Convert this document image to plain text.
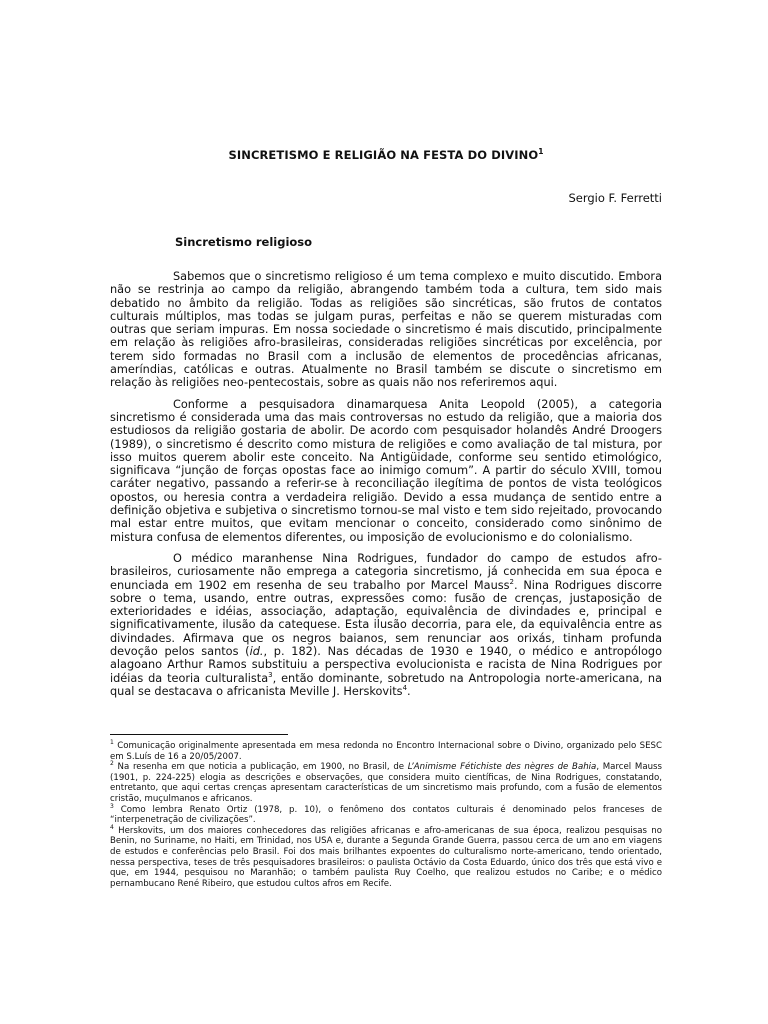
SINCRETISMO E RELIGIÃO NA FESTA DO DIVINO$^1$
Sergio F. Ferretti
Sincretismo religioso

Sabemos que o sincretismo religioso é um tema complexo e muito discutido. Embora não se restrinja ao campo da religião, abrangendo também toda a cultura, tem sido mais debatido no âmbito da religião. Todas as religiões são sincréticas, são frutos de contatos culturais múltiplos, mas todas se julgam puras, perfeitas e não se querem misturadas com outras que seriam impuras. Em nossa sociedade o sincretismo é mais discutido, principalmente em relação às religiões afro-brasileiras, consideradas religiões sincréticas por excelência, por terem sido formadas no Brasil com a inclusão de elementos de procedências africanas, ameríndias, católicas e outras. Atualmente no Brasil também se discute o sincretismo em relação às religiões neo-pentecostais, sobre as quais não nos referiremos aqui.

Conforme a pesquisadora dinamarquesa Anita Leopold (2005), a categoria sincretismo é considerada uma das mais controversas no estudo da religião, que a maioria dos estudiosos da religião gostaria de abolir. De acordo com pesquisador holandês André Droogers (1989), o sincretismo é descrito como mistura de religiões e como avaliação de tal mistura, por isso muitos querem abolir este conceito. Na Antigüidade, conforme seu sentido etimológico, significava “junção de forças opostas face ao inimigo comum”. A partir do século XVIII, tomou caráter negativo, passando a referir-se à reconciliação ilegítima de pontos de vista teológicos opostos, ou heresia contra a verdadeira religião. Devido a essa mudança de sentido entre a definição objetiva e subjetiva o sincretismo tornou-se mal visto e tem sido rejeitado, provocando mal estar entre muitos, que evitam mencionar o conceito, considerado como sinônimo de mistura confusa de elementos diferentes, ou imposição de evolucionismo e do colonialismo.

O médico maranhense Nina Rodrigues, fundador do campo de estudos afro-brasileiros, curiosamente não emprega a categoria sincretismo, já conhecida em sua época e enunciada em 1902 em resenha de seu trabalho por Marcel Mauss$^2$. Nina Rodrigues discorre sobre o tema, usando, entre outras, expressões como: fusão de crenças, justaposição de exterioridades e idéias, associação, adaptação, equivalência de divindades e, principal e significativamente, ilusão da catequese. Esta ilusão decorria, para ele, da equivalência entre as divindades. Afirmava que os negros baianos, sem renunciar aos orixás, tinham profunda devoção pelos santos (id., p. 182). Nas décadas de 1930 e 1940, o médico e antropólogo alagoano Arthur Ramos substituiu a perspectiva evolucionista e racista de Nina Rodrigues por idéias da teoria culturalista$^3$, então dominante, sobretudo na Antropologia norte-americana, na qual se destacava o africanista Meville J. Herskovits$^4$.

$^1$ Comunicação originalmente apresentada em mesa redonda no Encontro Internacional sobre o Divino, organizado pelo SESC em S.Luís de 16 a 20/05/2007.

$^2$ Na resenha em que noticia a publicação, em 1900, no Brasil, de L’Animisme Fétichiste des nègres de Bahia, Marcel Mauss (1901, p. 224-225) elogia as descrições e observações, que considera muito científicas, de Nina Rodrigues, constatando, entretanto, que aqui certas crenças apresentam características de um sincretismo mais profundo, com a fusão de elementos cristão, muçulmanos e africanos.

$^3$ Como lembra Renato Ortiz (1978, p. 10), o fenômeno dos contatos culturais é denominado pelos franceses de “interpenetração de civilizações”.

$^4$ Herskovits, um dos maiores conhecedores das religiões africanas e afro-americanas de sua época, realizou pesquisas no Benin, no Suriname, no Haiti, em Trinidad, nos USA e, durante a Segunda Grande Guerra, passou cerca de um ano em viagens de estudos e conferências pelo Brasil. Foi dos mais brilhantes expoentes do culturalismo norte-americano, tendo orientado, nessa perspectiva, teses de três pesquisadores brasileiros: o paulista Octávio da Costa Eduardo, único dos três que está vivo e que, em 1944, pesquisou no Maranhão; o também paulista Ruy Coelho, que realizou estudos no Caribe; e o médico pernambucano René Ribeiro, que estudou cultos afros em Recife.
